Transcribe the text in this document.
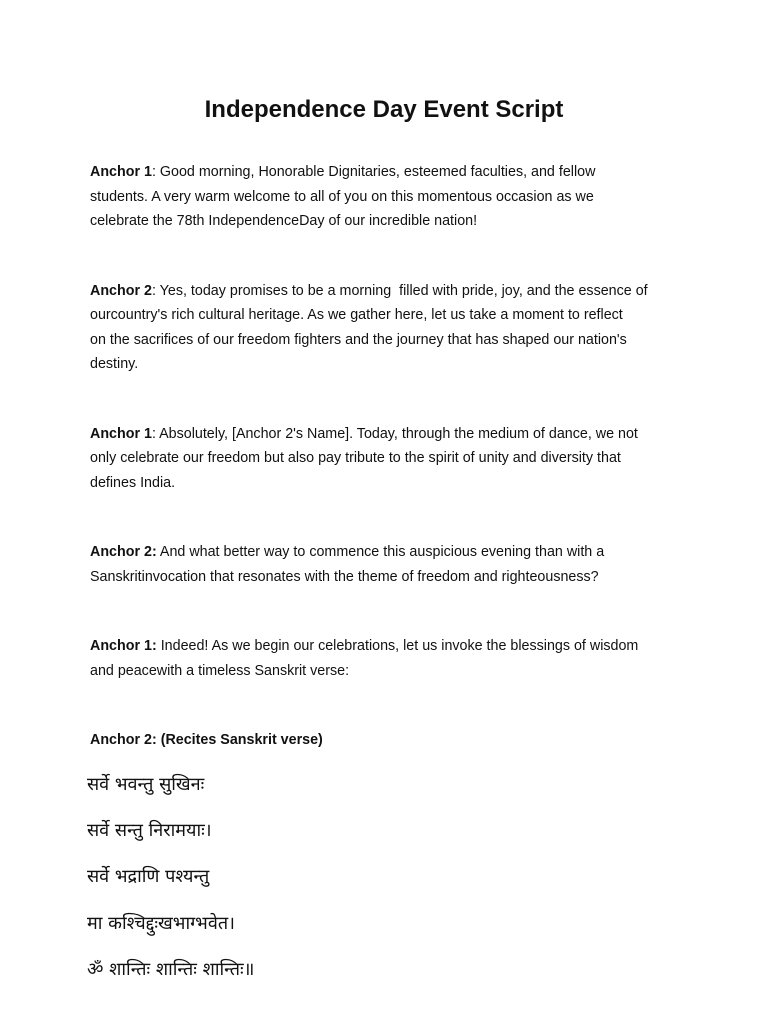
Independence Day Event Script
Anchor 1: Good morning, Honorable Dignitaries, esteemed faculties, and fellow
students. A very warm welcome to all of you on this momentous occasion as we
celebrate the 78th IndependenceDay of our incredible nation!
Anchor 2: Yes, today promises to be a morning  filled with pride, joy, and the essence of
ourcountry's rich cultural heritage. As we gather here, let us take a moment to reflect
on the sacrifices of our freedom fighters and the journey that has shaped our nation's
destiny.
Anchor 1: Absolutely, [Anchor 2's Name]. Today, through the medium of dance, we not
only celebrate our freedom but also pay tribute to the spirit of unity and diversity that
defines India.
Anchor 2: And what better way to commence this auspicious evening than with a
Sanskritinvocation that resonates with the theme of freedom and righteousness?
Anchor 1: Indeed! As we begin our celebrations, let us invoke the blessings of wisdom
and peacewith a timeless Sanskrit verse:
Anchor 2: (Recites Sanskrit verse)
सर्वे भवन्तु सुखिनः
सर्वे सन्तु निरामयाः।
सर्वे भद्राणि पश्यन्तु
मा कश्चिद्दुःखभाग्भवेत।
ॐ शान्तिः शान्तिः शान्तिः॥
